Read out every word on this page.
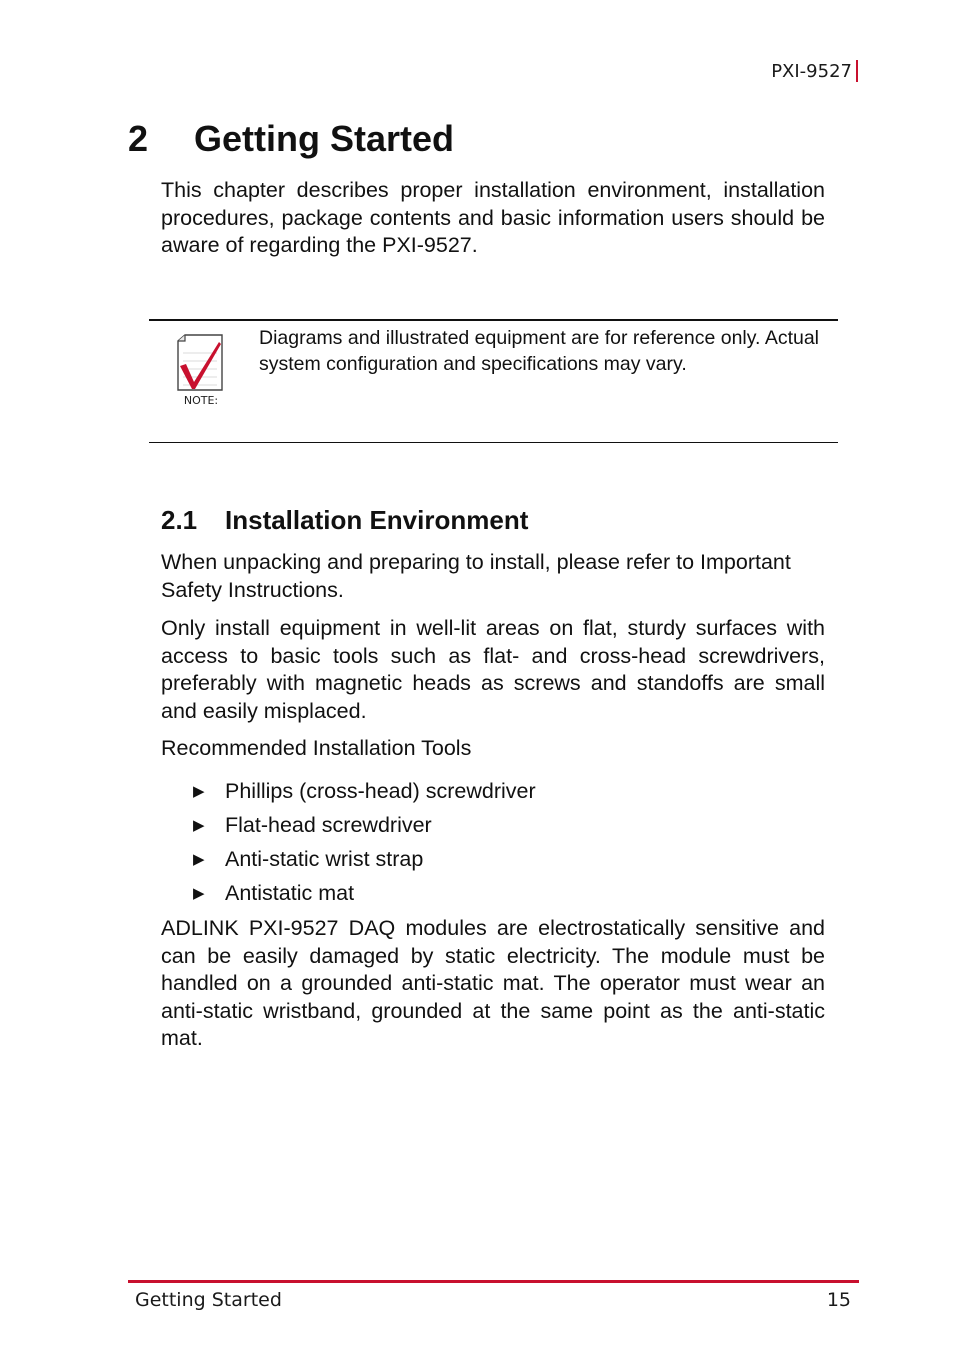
PXI-9527
2	Getting Started

This chapter describes proper installation environment, installation procedures, package contents and basic information users should be aware of regarding the PXI-9527.

NOTE:
Diagrams and illustrated equipment are for reference only. Actual system configuration and specifications may vary.
2.1	Installation Environment

When unpacking and preparing to install, please refer to Important Safety Instructions.

Only install equipment in well-lit areas on flat, sturdy surfaces with access to basic tools such as flat- and cross-head screwdrivers, preferably with magnetic heads as screws and standoffs are small and easily misplaced.

Recommended Installation Tools

▶ Phillips (cross-head) screwdriver
▶ Flat-head screwdriver
▶ Anti-static wrist strap
▶ Antistatic mat

ADLINK PXI-9527 DAQ modules are electrostatically sensitive and can be easily damaged by static electricity. The module must be handled on a grounded anti-static mat. The operator must wear an anti-static wristband, grounded at the same point as the anti-static mat.

Getting Started	15
